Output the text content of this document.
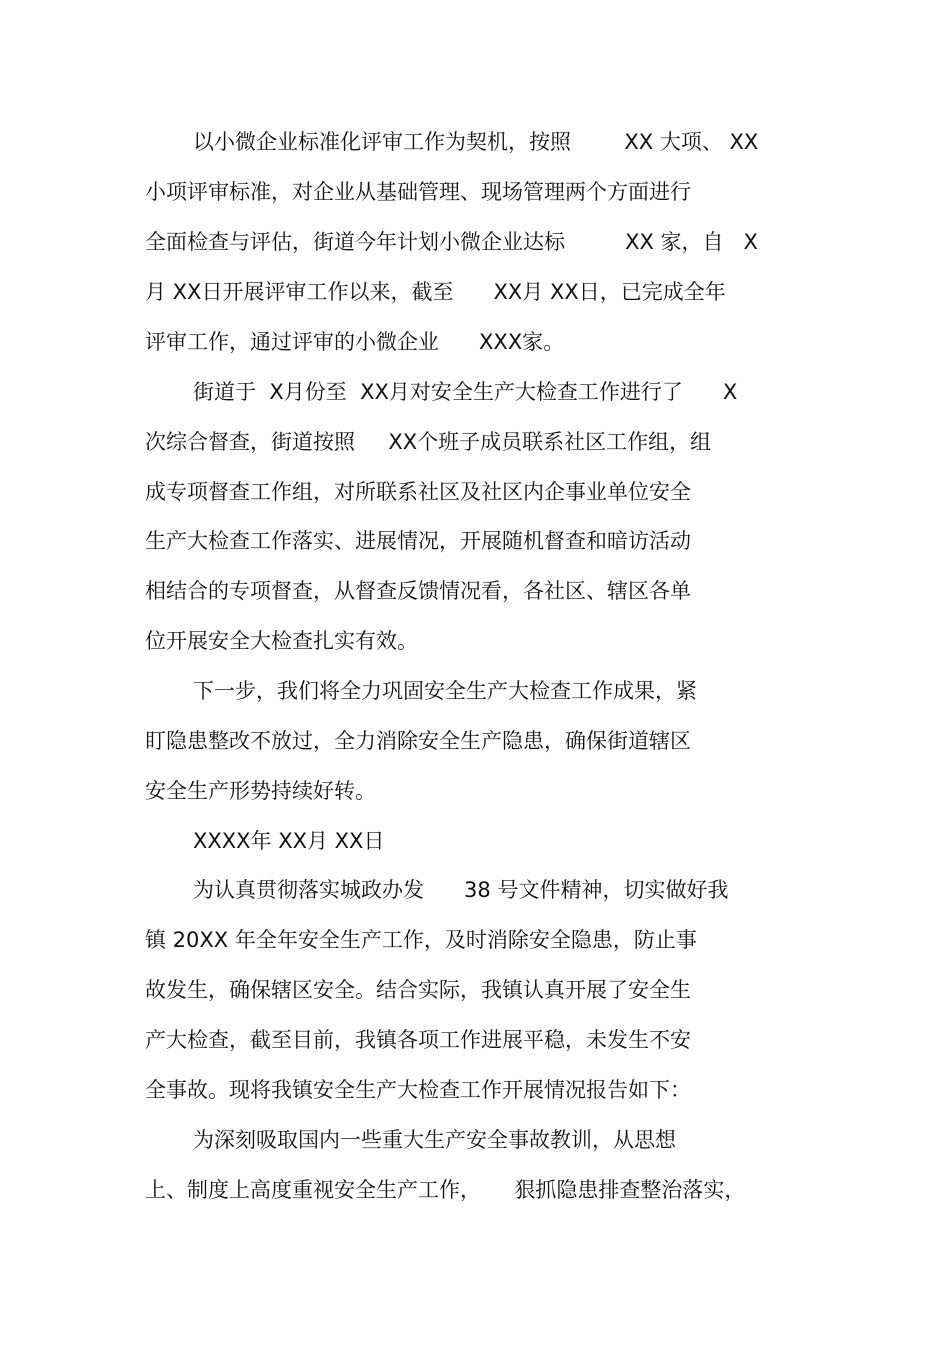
以小微企业标准化评审工作为契机，按照        XX 大项、 XX
小项评审标准，对企业从基础管理、现场管理两个方面进行
全面检查与评估，街道今年计划小微企业达标         XX 家，自   X
月 XX日开展评审工作以来，截至      XX月 XX日，已完成全年
评审工作，通过评审的小微企业      XXX家。
街道于  X月份至  XX月对安全生产大检查工作进行了      X
次综合督查，街道按照     XX个班子成员联系社区工作组，组
成专项督查工作组，对所联系社区及社区内企事业单位安全
生产大检查工作落实、进展情况，开展随机督查和暗访活动
相结合的专项督查，从督查反馈情况看，各社区、辖区各单
位开展安全大检查扎实有效。
下一步，我们将全力巩固安全生产大检查工作成果，紧
盯隐患整改不放过，全力消除安全生产隐患，确保街道辖区
安全生产形势持续好转。
XXXX年 XX月 XX日
为认真贯彻落实城政办发      38 号文件精神，切实做好我
镇 20XX 年全年安全生产工作，及时消除安全隐患，防止事
故发生，确保辖区安全。结合实际，我镇认真开展了安全生
产大检查，截至目前，我镇各项工作进展平稳，未发生不安
全事故。现将我镇安全生产大检查工作开展情况报告如下：
为深刻吸取国内一些重大生产安全事故教训，从思想
上、制度上高度重视安全生产工作，     狠抓隐患排查整治落实，
